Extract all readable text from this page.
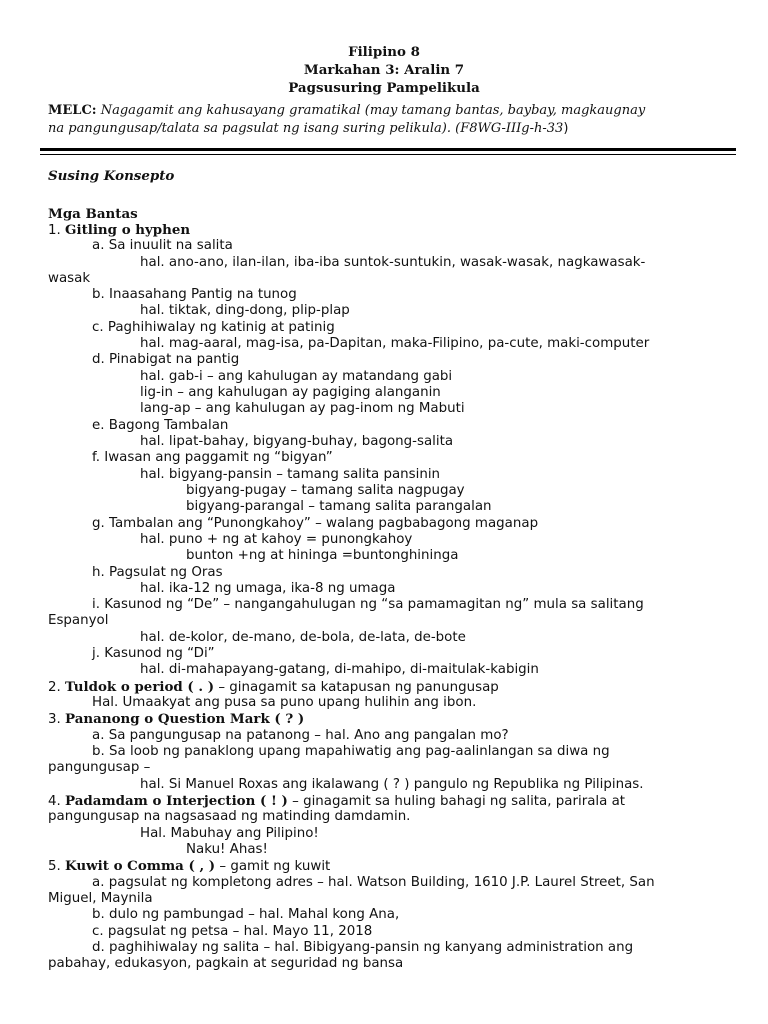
Filipino 8
Markahan 3: Aralin 7
Pagsusuring Pampelikula
MELC: Nagagamit ang kahusayang gramatikal (may tamang bantas, baybay, magkaugnay
na pangungusap/talata sa pagsulat ng isang suring pelikula). (F8WG-IIIg-h-33)
Susing Konsepto
Mga Bantas
1. Gitling o hyphen
a. Sa inuulit na salita
hal. ano-ano, ilan-ilan, iba-iba suntok-suntukin, wasak-wasak, nagkawasak-
wasak
b. Inaasahang Pantig na tunog
hal. tiktak, ding-dong, plip-plap
c. Paghihiwalay ng katinig at patinig
hal. mag-aaral, mag-isa, pa-Dapitan, maka-Filipino, pa-cute, maki-computer
d. Pinabigat na pantig
hal. gab-i – ang kahulugan ay matandang gabi
lig-in – ang kahulugan ay pagiging alanganin
lang-ap – ang kahulugan ay pag-inom ng Mabuti
e. Bagong Tambalan
hal. lipat-bahay, bigyang-buhay, bagong-salita
f. Iwasan ang paggamit ng “bigyan”
hal. bigyang-pansin – tamang salita pansinin
bigyang-pugay – tamang salita nagpugay
bigyang-parangal – tamang salita parangalan
g. Tambalan ang “Punongkahoy” – walang pagbabagong maganap
hal. puno + ng at kahoy = punongkahoy
bunton +ng at hininga =buntonghininga
h. Pagsulat ng Oras
hal. ika-12 ng umaga, ika-8 ng umaga
i. Kasunod ng “De” – nangangahulugan ng “sa pamamagitan ng” mula sa salitang
Espanyol
hal. de-kolor, de-mano, de-bola, de-lata, de-bote
j. Kasunod ng “Di”
hal. di-mahapayang-gatang, di-mahipo, di-maitulak-kabigin
2. Tuldok o period ( . ) – ginagamit sa katapusan ng panungusap
Hal. Umaakyat ang pusa sa puno upang hulihin ang ibon.
3. Pananong o Question Mark ( ? )
a. Sa pangungusap na patanong – hal. Ano ang pangalan mo?
b. Sa loob ng panaklong upang mapahiwatig ang pag-aalinlangan sa diwa ng
pangungusap –
hal. Si Manuel Roxas ang ikalawang ( ? ) pangulo ng Republika ng Pilipinas.
4. Padamdam o Interjection ( ! ) – ginagamit sa huling bahagi ng salita, parirala at
pangungusap na nagsasaad ng matinding damdamin.
Hal. Mabuhay ang Pilipino!
Naku! Ahas!
5. Kuwit o Comma ( , ) – gamit ng kuwit
a. pagsulat ng kompletong adres – hal. Watson Building, 1610 J.P. Laurel Street, San
Miguel, Maynila
b. dulo ng pambungad – hal. Mahal kong Ana,
c. pagsulat ng petsa – hal. Mayo 11, 2018
d. paghihiwalay ng salita – hal. Bibigyang-pansin ng kanyang administration ang
pabahay, edukasyon, pagkain at seguridad ng bansa
